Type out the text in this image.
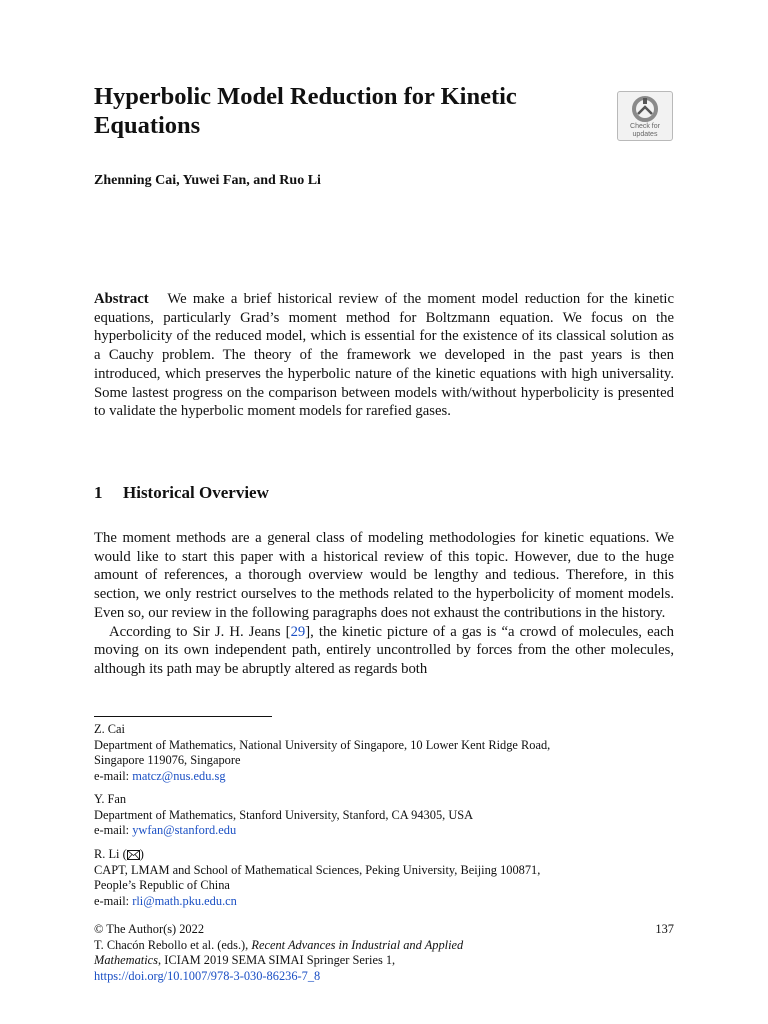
Hyperbolic Model Reduction for Kinetic Equations	Check for
updates
Zhenning Cai, Yuwei Fan, and Ruo Li

Abstract We make a brief historical review of the moment model reduction for the kinetic equations, particularly Grad’s moment method for Boltzmann equation. We focus on the hyperbolicity of the reduced model, which is essential for the existence of its classical solution as a Cauchy problem. The theory of the framework we developed in the past years is then introduced, which preserves the hyperbolic nature of the kinetic equations with high universality. Some lastest progress on the comparison between models with/without hyperbolicity is presented to validate the hyperbolic moment models for rarefied gases.

1 Historical Overview

The moment methods are a general class of modeling methodologies for kinetic equations. We would like to start this paper with a historical review of this topic. However, due to the huge amount of references, a thorough overview would be lengthy and tedious. Therefore, in this section, we only restrict ourselves to the methods related to the hyperbolicity of moment models. Even so, our review in the following paragraphs does not exhaust the contributions in the history.

According to Sir J. H. Jeans [29], the kinetic picture of a gas is “a crowd of molecules, each moving on its own independent path, entirely uncontrolled by forces from the other molecules, although its path may be abruptly altered as regards both

Z. Cai
Department of Mathematics, National University of Singapore, 10 Lower Kent Ridge Road,
Singapore 119076, Singapore
e-mail: matcz@nus.edu.sg
Y. Fan
Department of Mathematics, Stanford University, Stanford, CA 94305, USA
e-mail: ywfan@stanford.edu
R. Li ( )
CAPT, LMAM and School of Mathematical Sciences, Peking University, Beijing 100871,
People’s Republic of China
e-mail: rli@math.pku.edu.cn
© The Author(s) 2022	137
T. Chacón Rebollo et al. (eds.), Recent Advances in Industrial and Applied
Mathematics, ICIAM 2019 SEMA SIMAI Springer Series 1,
https://doi.org/10.1007/978-3-030-86236-7_8
